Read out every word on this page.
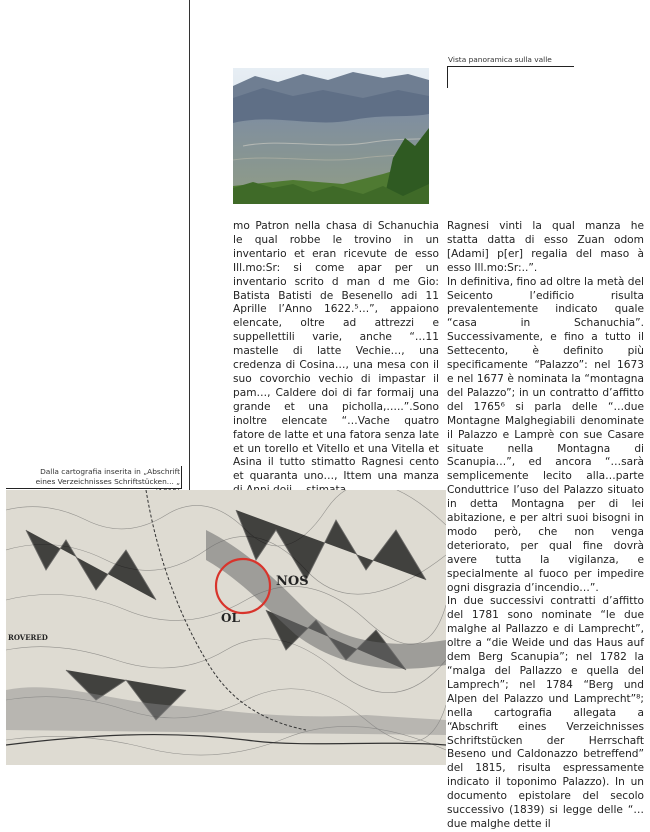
Vista panoramica sulla valle

mo Patron nella chasa di Schanuchia le qual robbe le trovino in un inventario et eran ricevute de esso Ill.mo:Sr: si come apar per un inventario scrito d man d me Gio: Batista Batisti de Besenello adi 11 Aprille l’Anno 1622.⁵…”, appaiono elencate, oltre ad attrezzi e suppellettili varie, anche “…11 mastelle di latte Vechie…, una credenza di Cosina…, una mesa con il suo covorchio vechio di impastar il pam…, Caldere doi di far formaij una grande et una picholla,…..”.Sono inoltre elencate “…Vache quatro fatore de latte et una fatora senza late et un torello et Vitello et una Vitella et Asina il tutto stimatto Ragnesi cento et quaranta uno…, Ittem una manza

Ragnesi vinti la qual manza he statta datta di esso Zuan odom [Adami] p[er] regalia del maso à esso Ill.mo:Sr:..”.

In definitiva, fino ad oltre la metà del Seicento l’edificio risulta prevalentemente indicato quale “casa in Schanuchia”. Successivamente, e fino a tutto il Settecento, è definito più specificamente “Palazzo”: nel 1673 e nel 1677 è nominata la “montagna del Palazzo”; in un contratto d’affitto del 1765⁶ si parla delle “…due Montagne Malghegiabili denominate il Palazzo e Lamprè con sue Casare situate nella Montagna di Scanupia…”, ed ancora “…sarà semplicemente lecito alla…parte Conduttrice l’uso del Palazzo situato in detta Montagna per di lei abitazione, e per altri suoi bisogni in modo però, che non venga deteriorato, per qual fine dovrà avere tutta la vigilanza, e specialmente al fuoco per impedire ogni disgrazia d’incendio…”.

In due successivi contratti d’affitto del 1781 sono nominate “le due malghe al Pallazzo e di Lamprecht”, oltre a “die Weide und das Haus auf dem Berg Scanupia”; nel 1782 la “malga del Pallazzo e quella del Lamprech”; nel 1784 “Berg und Alpen del Palazzo und Lamprecht”⁸; nella cartografia allegata a “Abschrift eines Verzeichnisses Schriftstücken der Herrschaft Beseno und Caldonazzo betreffend” del 1815, risulta espressamente indicato il toponimo Palazzo). In un documento epistolare del secolo successivo (1839) si legge delle “…due malghe dette il

Dalla cartografia inserita in „Abschrift eines Verzeichnisses Schriftstücken... „
ROVERED
NOS
OL
